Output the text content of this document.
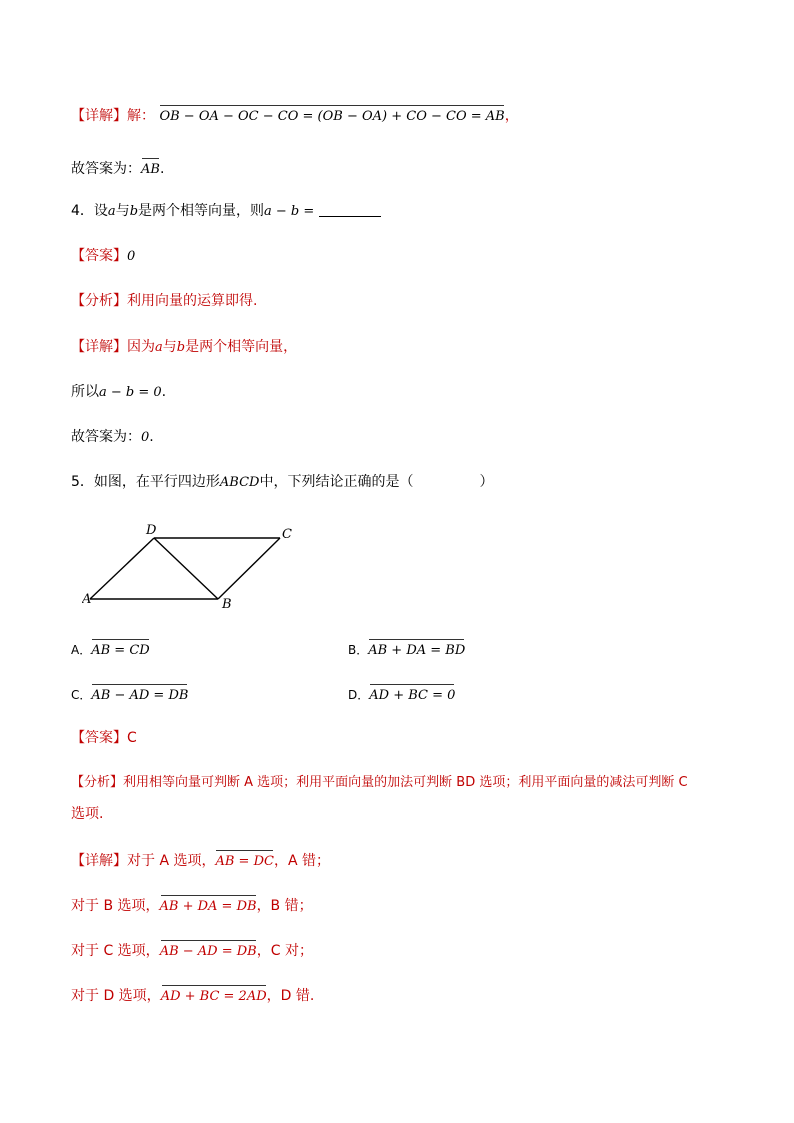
【详解】解： OB − OA − OC − CO = (OB − OA) + CO − CO = AB，
故答案为：AB.
4．设a与b是两个相等向量，则a − b =
【答案】0
【分析】利用向量的运算即得.
【详解】因为a与b是两个相等向量，
所以a − b = 0.
故答案为：0.
5．如图，在平行四边形ABCD中，下列结论正确的是（	）
A	B
C
D
A．AB = CD	B．AB + DA = BD
C．AB − AD = DB	D．AD + BC = 0
【答案】C
【分析】利用相等向量可判断 A 选项；利用平面向量的加法可判断 BD 选项；利用平面向量的减法可判断 C
选项.
【详解】对于 A 选项，AB = DC，A 错；
对于 B 选项，AB + DA = DB，B 错；
对于 C 选项，AB − AD = DB，C 对；
对于 D 选项，AD + BC = 2AD，D 错.
